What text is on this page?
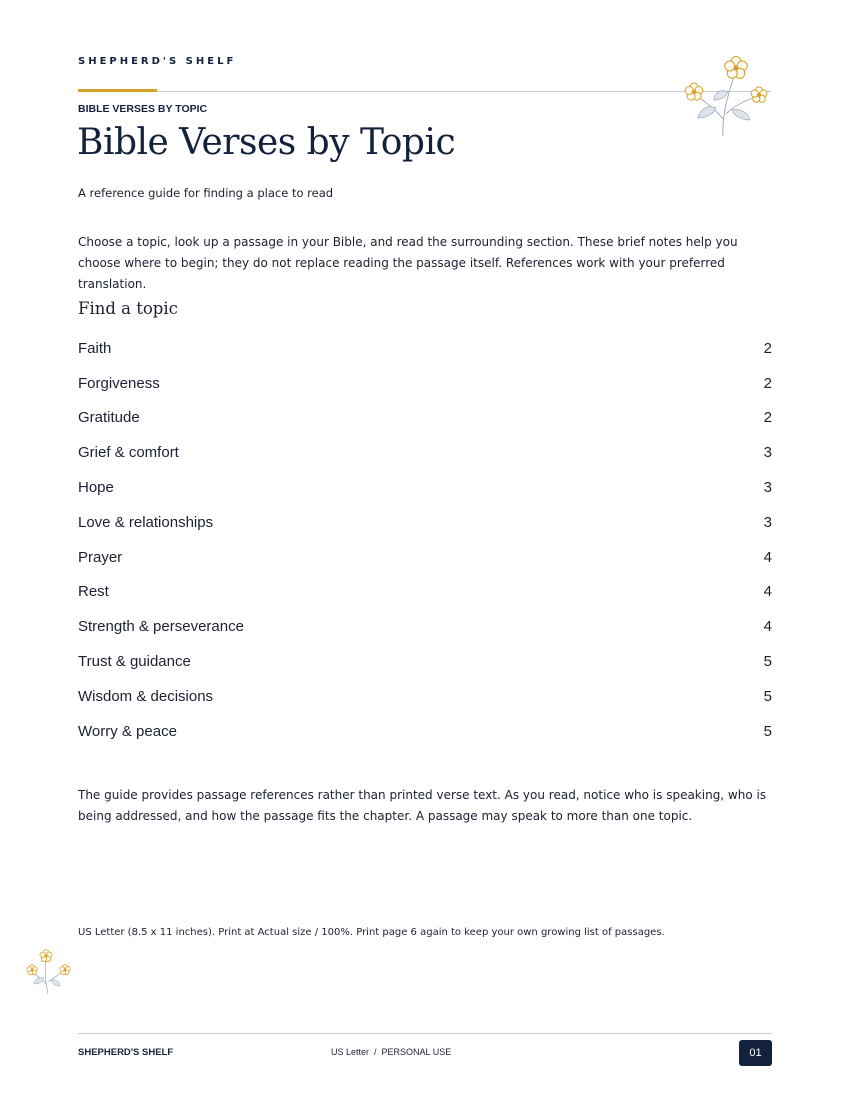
SHEPHERD'S SHELF
BIBLE VERSES BY TOPIC
Bible Verses by Topic
A reference guide for finding a place to read

Choose a topic, look up a passage in your Bible, and read the surrounding section. These brief notes help you choose where to begin; they do not replace reading the passage itself. References work with your preferred translation.

Find a topic
Faith	2
Forgiveness	2
Gratitude	2
Grief & comfort	3
Hope	3
Love & relationships	3
Prayer	4
Rest	4
Strength & perseverance	4
Trust & guidance	5
Wisdom & decisions	5
Worry & peace	5

The guide provides passage references rather than printed verse text. As you read, notice who is speaking, who is being addressed, and how the passage fits the chapter. A passage may speak to more than one topic.

US Letter (8.5 x 11 inches). Print at Actual size / 100%. Print page 6 again to keep your own growing list of passages.
SHEPHERD'S SHELF	US Letter  /  PERSONAL USE	01
